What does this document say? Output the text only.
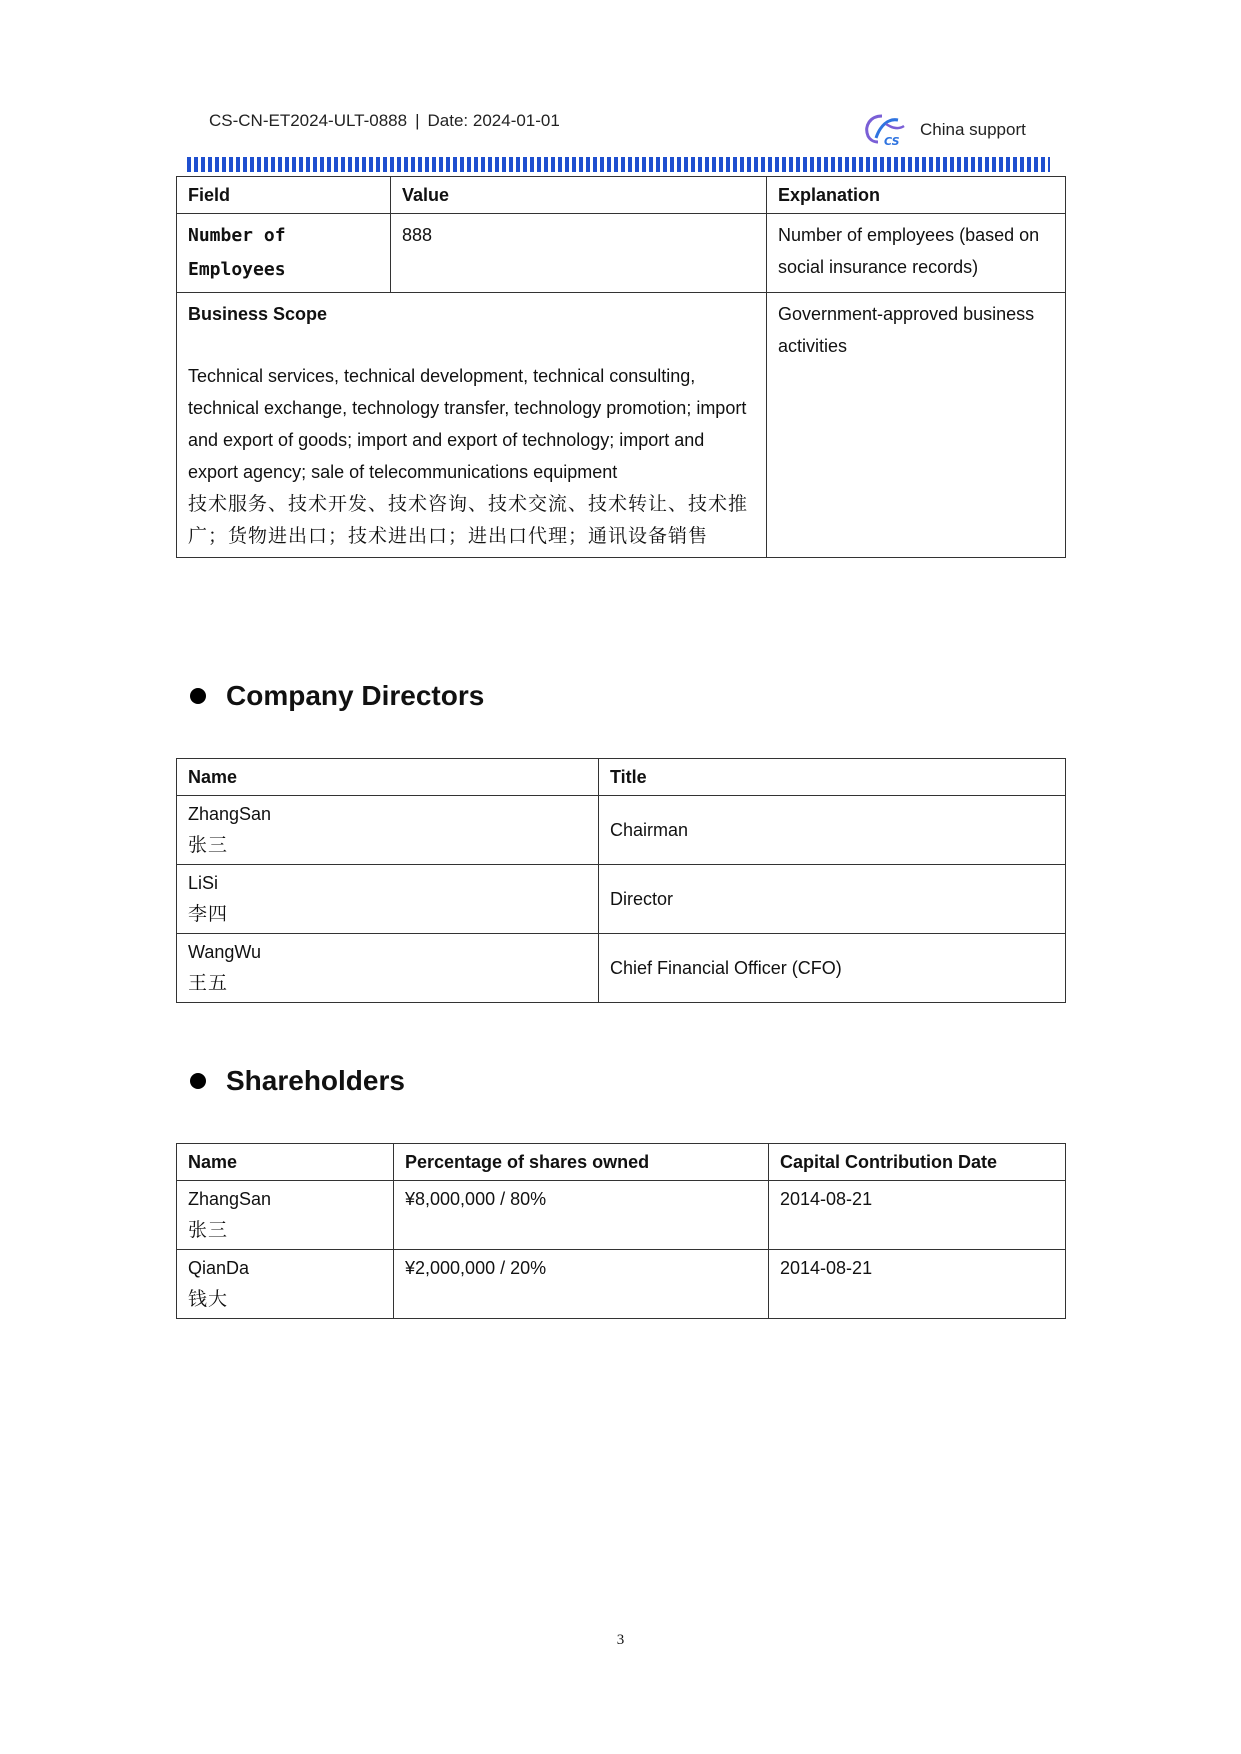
CS-CN-ET2024-ULT-0888 | Date: 2024-01-01
CS
China support
Field	Value	Explanation
Number of Employees	888	Number of employees (based on social insurance records)

Business Scope
Technical services, technical development, technical consulting, technical exchange, technology transfer, technology promotion; import and export of goods; import and export of technology; import and export agency; sale of telecommunications equipment
技术服务、技术开发、技术咨询、技术交流、技术转让、技术推广；货物进出口；技术进出口；进出口代理；通讯设备销售		Government-approved business activities
Company Directors
Name	Title

ZhangSan
张三	Chairman

LiSi
李四	Director

WangWu
王五	Chief Financial Officer (CFO)
Shareholders
Name	Percentage of shares owned	Capital Contribution Date

ZhangSan
张三	¥8,000,000 / 80%	2014-08-21

QianDa
钱大	¥2,000,000 / 20%	2014-08-21
3
